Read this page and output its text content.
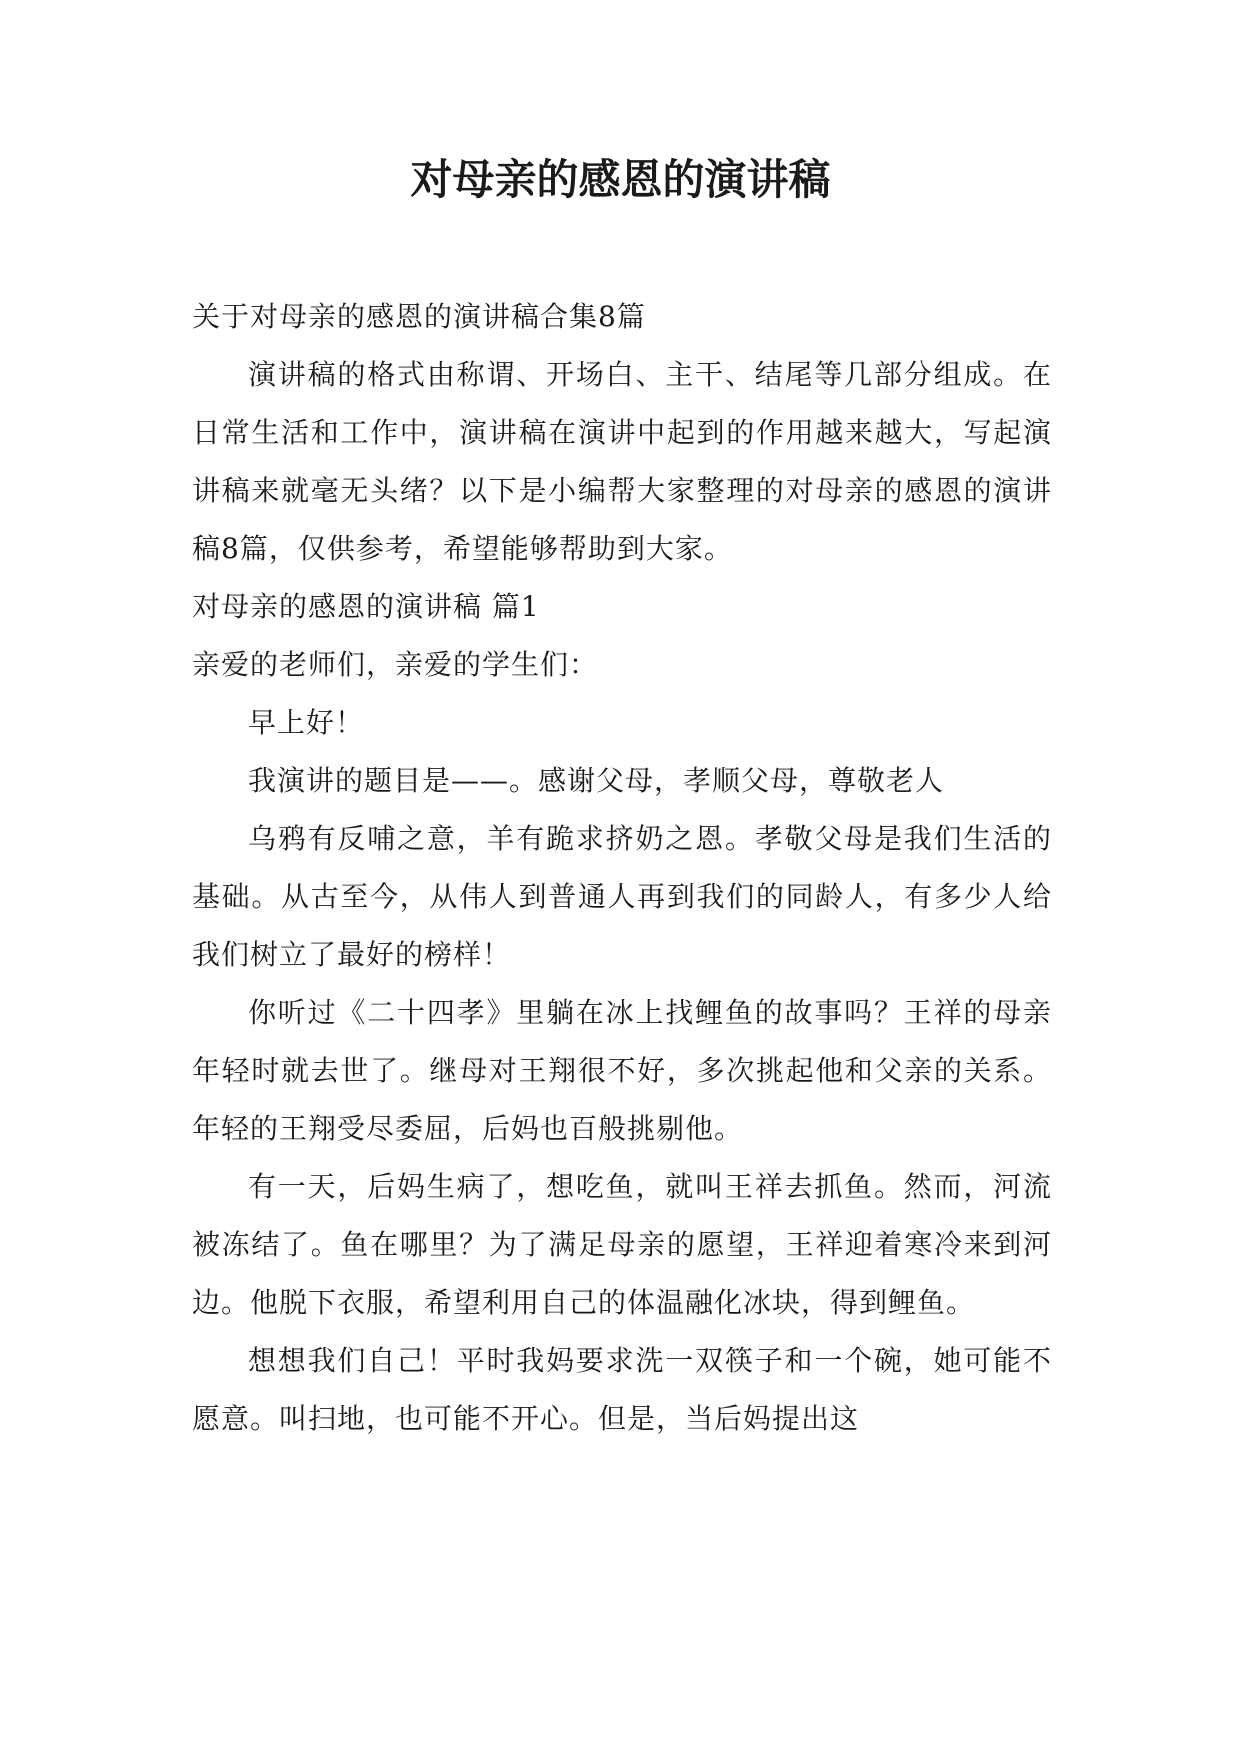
对母亲的感恩的演讲稿

关于对母亲的感恩的演讲稿合集8篇

演讲稿的格式由称谓、开场白、主干、结尾等几部分组成。在日常生活和工作中，演讲稿在演讲中起到的作用越来越大，写起演讲稿来就毫无头绪？以下是小编帮大家整理的对母亲的感恩的演讲稿8篇，仅供参考，希望能够帮助到大家。

对母亲的感恩的演讲稿 篇1

亲爱的老师们，亲爱的学生们：

早上好！

我演讲的题目是——。感谢父母，孝顺父母，尊敬老人

乌鸦有反哺之意，羊有跪求挤奶之恩。孝敬父母是我们生活的基础。从古至今，从伟人到普通人再到我们的同龄人，有多少人给我们树立了最好的榜样！

你听过《二十四孝》里躺在冰上找鲤鱼的故事吗？王祥的母亲年轻时就去世了。继母对王翔很不好，多次挑起他和父亲的关系。年轻的王翔受尽委屈，后妈也百般挑剔他。

有一天，后妈生病了，想吃鱼，就叫王祥去抓鱼。然而，河流被冻结了。鱼在哪里？为了满足母亲的愿望，王祥迎着寒冷来到河边。他脱下衣服，希望利用自己的体温融化冰块，得到鲤鱼。

想想我们自己！平时我妈要求洗一双筷子和一个碗，她可能不愿意。叫扫地，也可能不开心。但是，当后妈提出这
